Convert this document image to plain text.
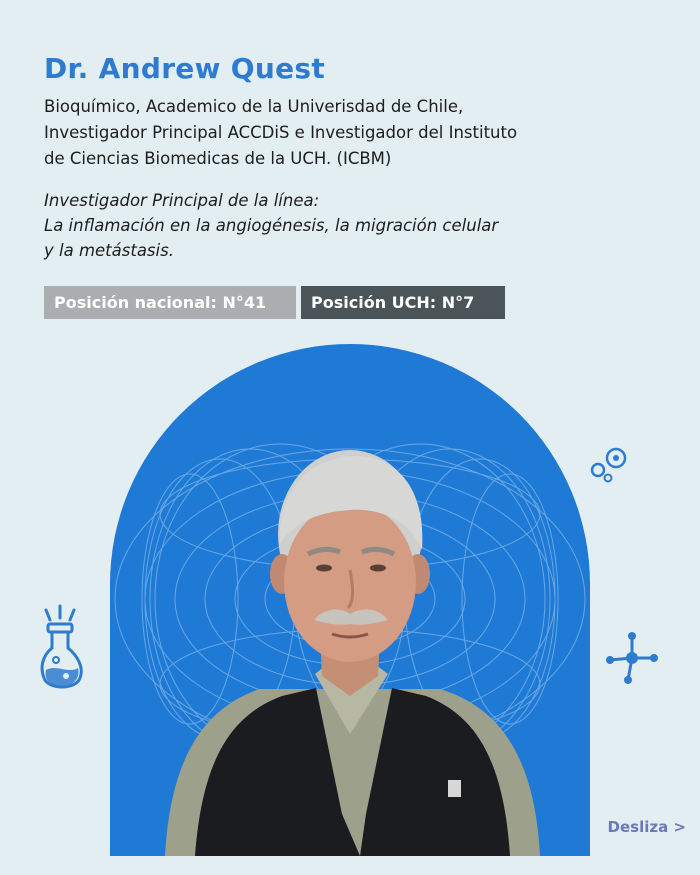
Dr. Andrew Quest

Bioquímico, Academico de la Univerisdad de Chile,
Investigador Principal ACCDiS e Investigador del Instituto
de Ciencias Biomedicas de la UCH. (ICBM)

Investigador Principal de la línea:
La inflamación en la angiogénesis, la migración celular
y la metástasis.

Posición nacional: N°41	Posición UCH: N°7
Desliza >
